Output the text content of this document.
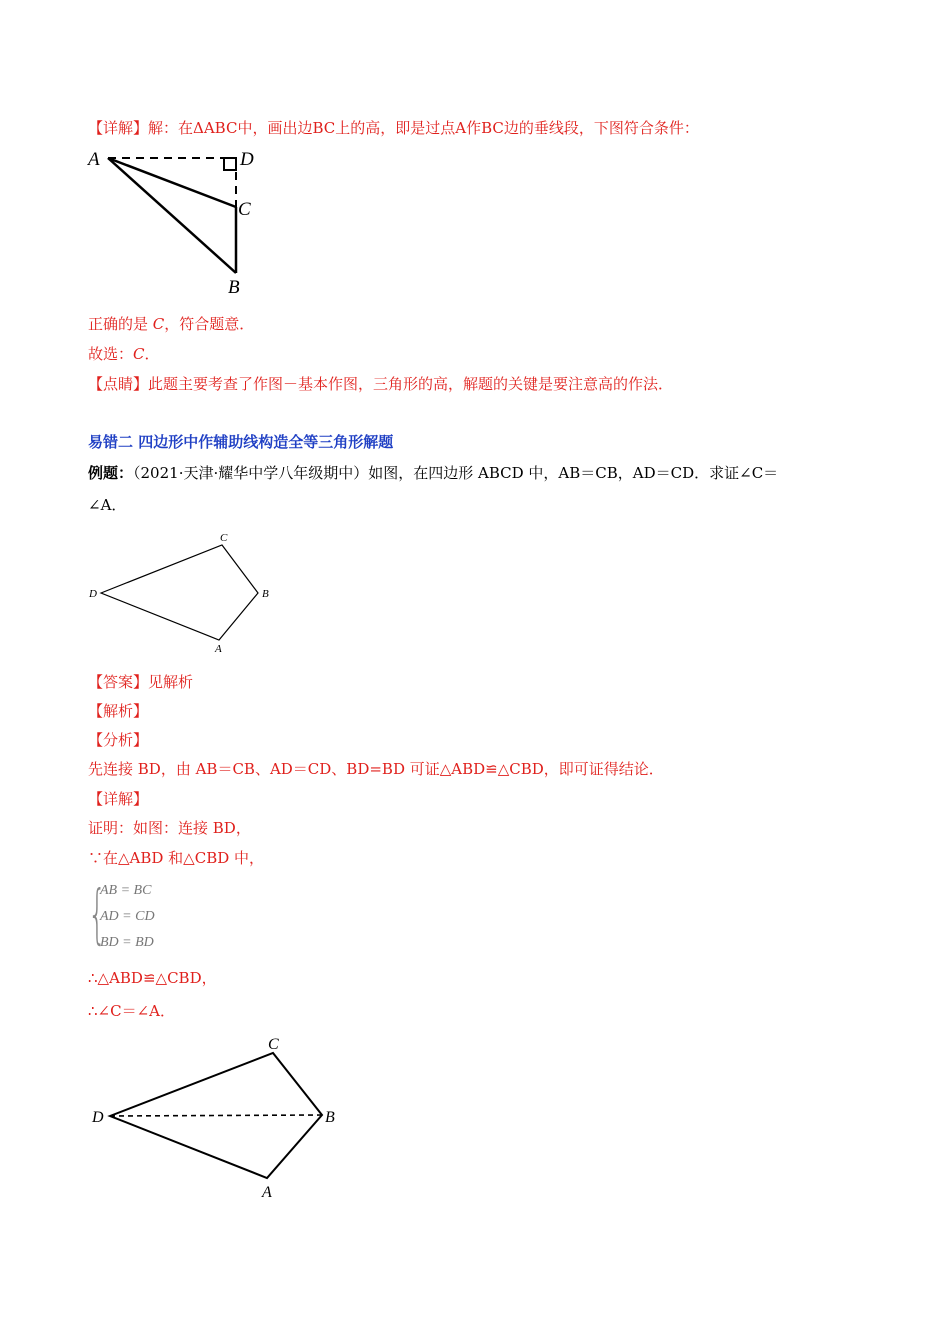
【详解】解：在ΔABC中，画出边BC上的高，即是过点A作BC边的垂线段，下图符合条件：
A	D
C
B
正确的是 C，符合题意．
故选：C．
【点睛】此题主要考查了作图－基本作图，三角形的高，解题的关键是要注意高的作法．
易错二 四边形中作辅助线构造全等三角形解题
例题：（2021·天津·耀华中学八年级期中）如图，在四边形 ABCD 中，AB＝CB，AD＝CD．求证∠C＝
∠A．
C
D	B
A
【答案】见解析
【解析】
【分析】
先连接 BD，由 AB＝CB、AD＝CD、BD=BD 可证△ABD≌△CBD，即可证得结论．
【详解】
证明：如图：连接 BD，
∵在△ABD 和△CBD 中，
{
AB = BC
AD = CD
BD = BD
∴△ABD≌△CBD，
∴∠C＝∠A．
C
D	B
A
